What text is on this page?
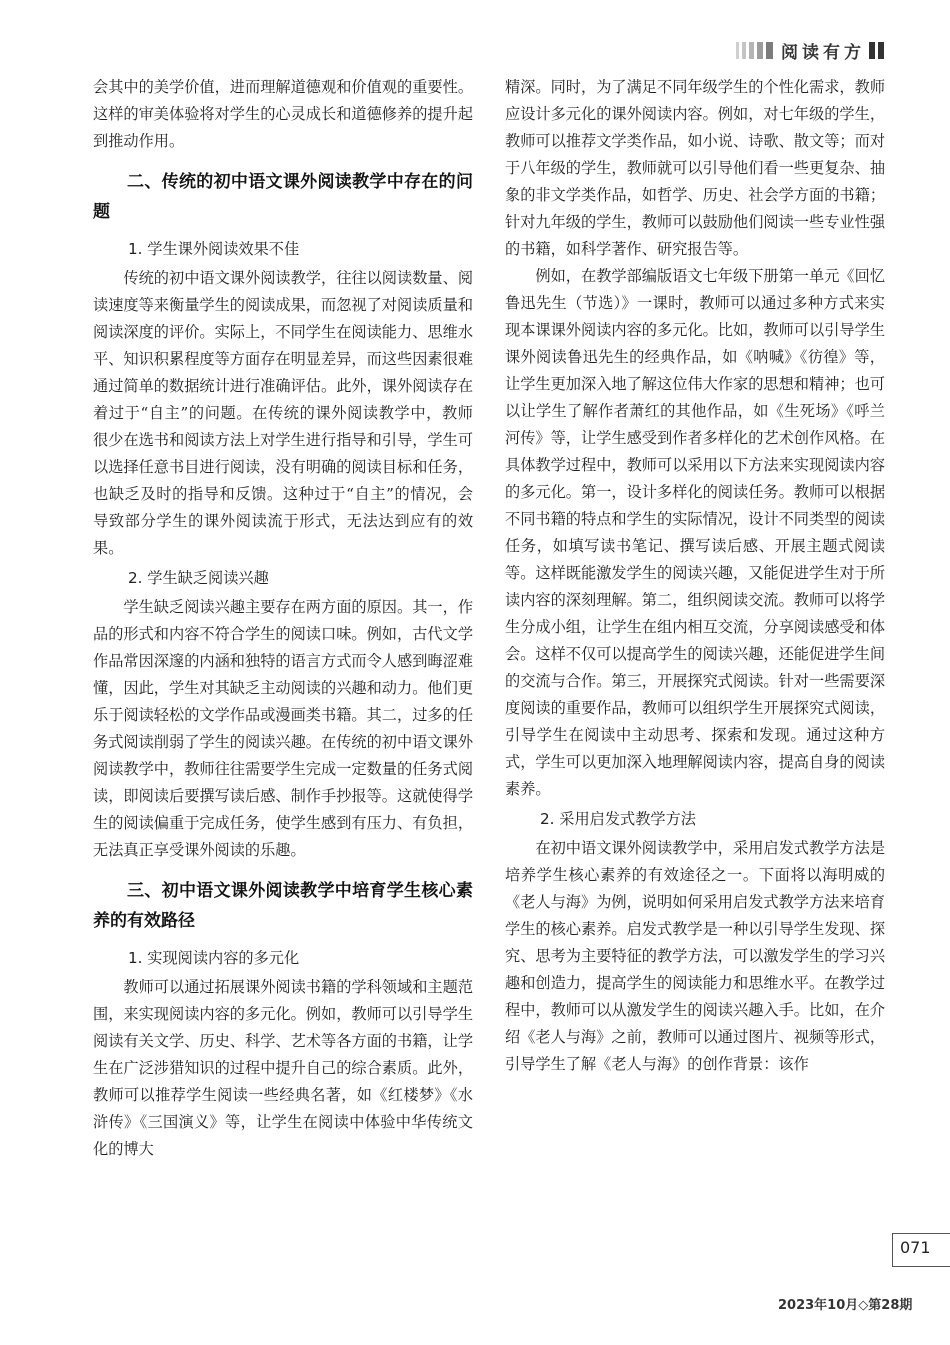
阅读有方

会其中的美学价值，进而理解道德观和价值观的重要性。这样的审美体验将对学生的心灵成长和道德修养的提升起到推动作用。

二、传统的初中语文课外阅读教学中存在的问题

1. 学生课外阅读效果不佳

传统的初中语文课外阅读教学，往往以阅读数量、阅读速度等来衡量学生的阅读成果，而忽视了对阅读质量和阅读深度的评价。实际上，不同学生在阅读能力、思维水平、知识积累程度等方面存在明显差异，而这些因素很难通过简单的数据统计进行准确评估。此外，课外阅读存在着过于“自主”的问题。在传统的课外阅读教学中，教师很少在选书和阅读方法上对学生进行指导和引导，学生可以选择任意书目进行阅读，没有明确的阅读目标和任务，也缺乏及时的指导和反馈。这种过于“自主”的情况，会导致部分学生的课外阅读流于形式，无法达到应有的效果。

2. 学生缺乏阅读兴趣

学生缺乏阅读兴趣主要存在两方面的原因。其一，作品的形式和内容不符合学生的阅读口味。例如，古代文学作品常因深邃的内涵和独特的语言方式而令人感到晦涩难懂，因此，学生对其缺乏主动阅读的兴趣和动力。他们更乐于阅读轻松的文学作品或漫画类书籍。其二，过多的任务式阅读削弱了学生的阅读兴趣。在传统的初中语文课外阅读教学中，教师往往需要学生完成一定数量的任务式阅读，即阅读后要撰写读后感、制作手抄报等。这就使得学生的阅读偏重于完成任务，使学生感到有压力、有负担，无法真正享受课外阅读的乐趣。

三、初中语文课外阅读教学中培育学生核心素养的有效路径

1. 实现阅读内容的多元化

教师可以通过拓展课外阅读书籍的学科领域和主题范围，来实现阅读内容的多元化。例如，教师可以引导学生阅读有关文学、历史、科学、艺术等各方面的书籍，让学生在广泛涉猎知识的过程中提升自己的综合素质。此外，教师可以推荐学生阅读一些经典名著，如《红楼梦》《水浒传》《三国演义》等，让学生在阅读中体验中华传统文化的博大

精深。同时，为了满足不同年级学生的个性化需求，教师应设计多元化的课外阅读内容。例如，对七年级的学生，教师可以推荐文学类作品，如小说、诗歌、散文等；而对于八年级的学生，教师就可以引导他们看一些更复杂、抽象的非文学类作品，如哲学、历史、社会学方面的书籍；针对九年级的学生，教师可以鼓励他们阅读一些专业性强的书籍，如科学著作、研究报告等。

例如，在教学部编版语文七年级下册第一单元《回忆鲁迅先生（节选）》一课时，教师可以通过多种方式来实现本课课外阅读内容的多元化。比如，教师可以引导学生课外阅读鲁迅先生的经典作品，如《呐喊》《彷徨》等，让学生更加深入地了解这位伟大作家的思想和精神；也可以让学生了解作者萧红的其他作品，如《生死场》《呼兰河传》等，让学生感受到作者多样化的艺术创作风格。在具体教学过程中，教师可以采用以下方法来实现阅读内容的多元化。第一，设计多样化的阅读任务。教师可以根据不同书籍的特点和学生的实际情况，设计不同类型的阅读任务，如填写读书笔记、撰写读后感、开展主题式阅读等。这样既能激发学生的阅读兴趣，又能促进学生对于所读内容的深刻理解。第二，组织阅读交流。教师可以将学生分成小组，让学生在组内相互交流，分享阅读感受和体会。这样不仅可以提高学生的阅读兴趣，还能促进学生间的交流与合作。第三，开展探究式阅读。针对一些需要深度阅读的重要作品，教师可以组织学生开展探究式阅读，引导学生在阅读中主动思考、探索和发现。通过这种方式，学生可以更加深入地理解阅读内容，提高自身的阅读素养。

2. 采用启发式教学方法

在初中语文课外阅读教学中，采用启发式教学方法是培养学生核心素养的有效途径之一。下面将以海明威的《老人与海》为例，说明如何采用启发式教学方法来培育学生的核心素养。启发式教学是一种以引导学生发现、探究、思考为主要特征的教学方法，可以激发学生的学习兴趣和创造力，提高学生的阅读能力和思维水平。在教学过程中，教师可以从激发学生的阅读兴趣入手。比如，在介绍《老人与海》之前，教师可以通过图片、视频等形式，引导学生了解《老人与海》的创作背景：该作

071
2023年10月◇第28期
